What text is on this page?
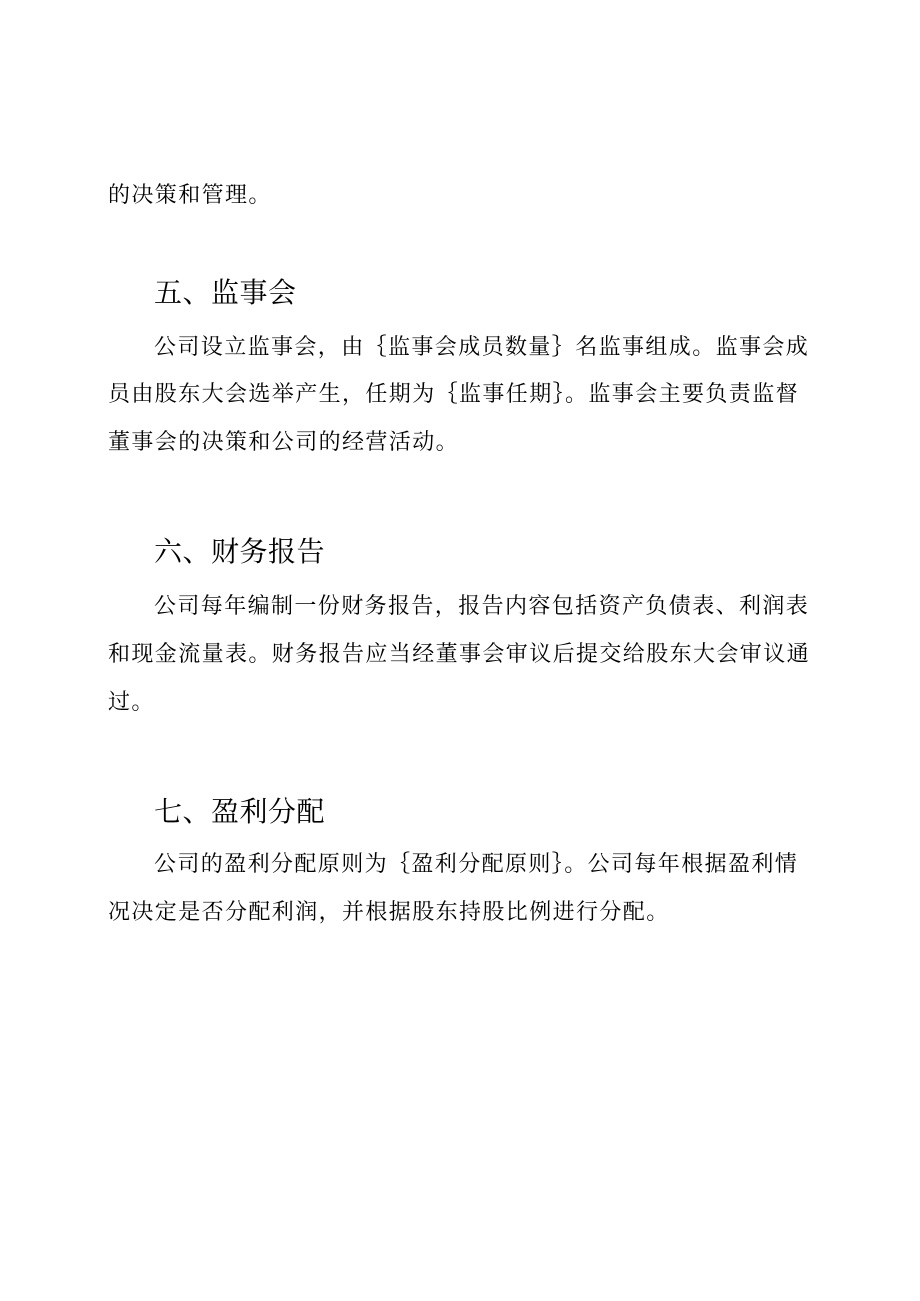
的决策和管理。
五、监事会
公司设立监事会，由｛监事会成员数量｝名监事组成。监事会成
员由股东大会选举产生，任期为｛监事任期｝。监事会主要负责监督
董事会的决策和公司的经营活动。
六、财务报告
公司每年编制一份财务报告，报告内容包括资产负债表、利润表
和现金流量表。财务报告应当经董事会审议后提交给股东大会审议通
过。
七、盈利分配
公司的盈利分配原则为｛盈利分配原则｝。公司每年根据盈利情
况决定是否分配利润，并根据股东持股比例进行分配。
